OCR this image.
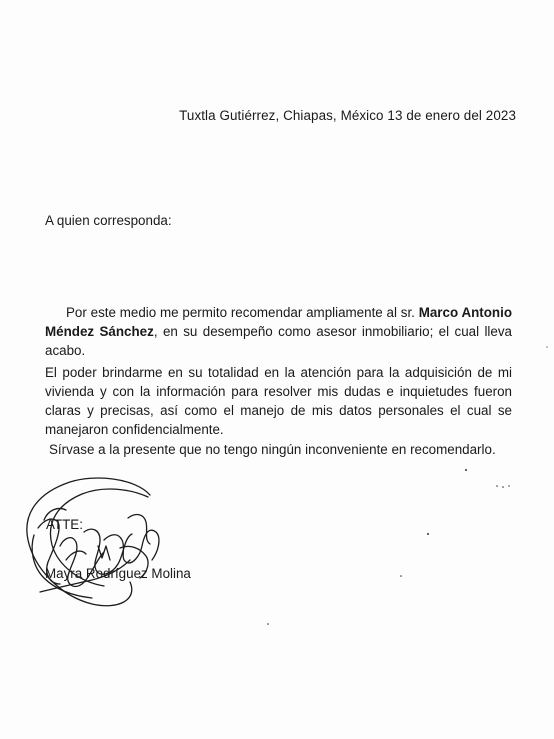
Tuxtla Gutiérrez, Chiapas, México 13 de enero del 2023
A quien corresponda:
Por este medio me permito recomendar ampliamente al sr. Marco Antonio Méndez Sánchez, en su desempeño como asesor inmobiliario; el cual lleva acabo.
El poder brindarme en su totalidad en la atención para la adquisición de mi vivienda y con la información para resolver mis dudas e inquietudes fueron claras y precisas, así como el manejo de mis datos personales el cual se manejaron confidencialmente.
Sírvase a la presente que no tengo ningún inconveniente en recomendarlo.
ATTE:
Mayra Rodríguez Molina
